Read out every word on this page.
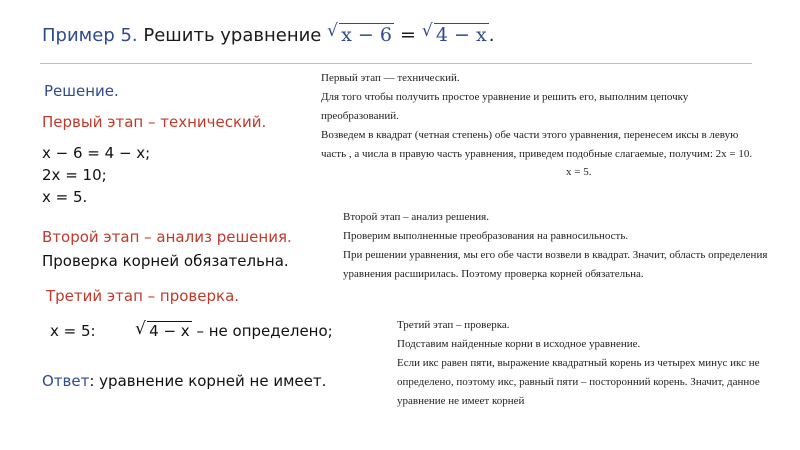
Пример 5. Решить уравнение √ x − 6 = √ 4 − x .
Решение.
Первый этап – технический.
x − 6 = 4 − x;
2x = 10;
x = 5.
Второй этап – анализ решения.
Проверка корней обязательна.
Третий этап – проверка.
x = 5:  √	4 − x – не определено;
Ответ: уравнение корней не имеет.

Первый этап — технический.

Для того чтобы получить простое уравнение и решить его, выполним цепочку преобразований.

Возведем в квадрат (четная степень) обе части этого уравнения, перенесем иксы в левую часть , а числа в правую часть уравнения, приведем подобные слагаемые, получим: 2x = 10.

x = 5.

Второй этап – анализ решения.

Проверим выполненные преобразования на равносильность.

При решении уравнения, мы его обе части возвели в квадрат. Значит, область определения уравнения расширилась. Поэтому проверка корней обязательна.

Третий этап – проверка.

Подставим найденные корни в исходное уравнение.

Если икс равен пяти, выражение квадратный корень из четырех минус икс не определено, поэтому икс, равный пяти – посторонний корень. Значит, данное уравнение не имеет корней
